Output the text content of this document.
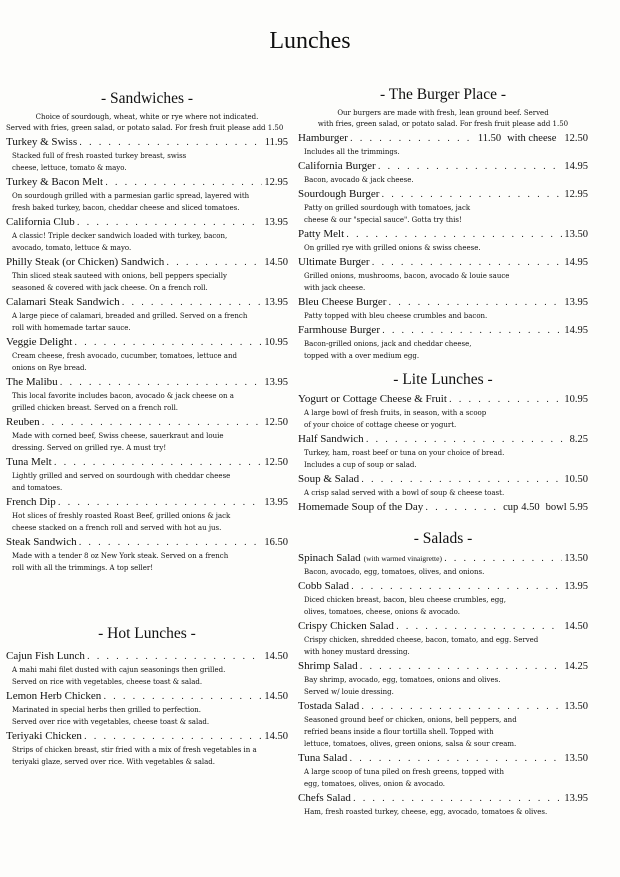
Lunches
- Sandwiches -
Choice of sourdough, wheat, white or rye where not indicated.
Served with fries, green salad, or potato salad. For fresh fruit please add 1.50
Turkey & Swiss . . .	11.95
Stacked full of fresh roasted turkey breast, swiss
cheese, lettuce, tomato & mayo.
Turkey & Bacon Melt . . .	12.95
On sourdough grilled with a parmesian garlic spread, layered with
fresh baked turkey, bacon, cheddar cheese and sliced tomatoes.
California Club . . .	13.95
A classic! Triple decker sandwich loaded with turkey, bacon,
avocado, tomato, lettuce & mayo.
Philly Steak (or Chicken) Sandwich . . .	14.50
Thin sliced steak sauteed with onions, bell peppers specially
seasoned & covered with jack cheese. On a french roll.
Calamari Steak Sandwich . . .	13.95
A large piece of calamari, breaded and grilled. Served on a french
roll with homemade tartar sauce.
Veggie Delight . . .	10.95
Cream cheese, fresh avocado, cucumber, tomatoes, lettuce and
onions on Rye bread.
The Malibu . . .	13.95
This local favorite includes bacon, avocado & jack cheese on a
grilled chicken breast. Served on a french roll.
Reuben . . .	12.50
Made with corned beef, Swiss cheese, sauerkraut and louie
dressing. Served on grilled rye. A must try!
Tuna Melt . . .	12.50
Lightly grilled and served on sourdough with cheddar cheese
and tomatoes.
French Dip . . .	13.95
Hot slices of freshly roasted Roast Beef, grilled onions & jack
cheese stacked on a french roll and served with hot au jus.
Steak Sandwich . . .	16.50
Made with a tender 8 oz New York steak. Served on a french
roll with all the trimmings. A top seller!
- Hot Lunches -
Cajun Fish Lunch . . .	14.50
A mahi mahi filet dusted with cajun seasonings then grilled.
Served on rice with vegetables, cheese toast & salad.
Lemon Herb Chicken . . .	14.50
Marinated in special herbs then grilled to perfection.
Served over rice with vegetables, cheese toast & salad.
Teriyaki Chicken . . .	14.50
Strips of chicken breast, stir fried with a mix of fresh vegetables in a
teriyaki glaze, served over rice. With vegetables & salad.
- The Burger Place -
Our burgers are made with fresh, lean ground beef. Served
with fries, green salad, or potato salad. For fresh fruit please add 1.50
Hamburger . . .	11.50 with cheese 12.50
Includes all the trimmings.
California Burger . . .	14.95
Bacon, avocado & jack cheese.
Sourdough Burger . . .	12.95
Patty on grilled sourdough with tomatoes, jack
cheese & our "special sauce". Gotta try this!
Patty Melt . . .	13.50
On grilled rye with grilled onions & swiss cheese.
Ultimate Burger . . .	14.95
Grilled onions, mushrooms, bacon, avocado & louie sauce
with jack cheese.
Bleu Cheese Burger . . .	13.95
Patty topped with bleu cheese crumbles and bacon.
Farmhouse Burger . . .	14.95
Bacon-grilled onions, jack and cheddar cheese,
topped with a over medium egg.
- Lite Lunches -
Yogurt or Cottage Cheese & Fruit . . .	10.95
A large bowl of fresh fruits, in season, with a scoop
of your choice of cottage cheese or yogurt.
Half Sandwich . . .	8.25
Turkey, ham, roast beef or tuna on your choice of bread.
Includes a cup of soup or salad.
Soup & Salad . . .	10.50
A crisp salad served with a bowl of soup & cheese toast.
Homemade Soup of the Day . . .	cup 4.50 bowl 5.95
- Salads -
Spinach Salad (with warmed vinaigrette) . . .	13.50
Bacon, avocado, egg, tomatoes, olives, and onions.
Cobb Salad . . .	13.95
Diced chicken breast, bacon, bleu cheese crumbles, egg,
olives, tomatoes, cheese, onions & avocado.
Crispy Chicken Salad . . .	14.50
Crispy chicken, shredded cheese, bacon, tomato, and egg. Served
with honey mustard dressing.
Shrimp Salad . . .	14.25
Bay shrimp, avocado, egg, tomatoes, onions and olives.
Served w/ louie dressing.
Tostada Salad . . .	13.50
Seasoned ground beef or chicken, onions, bell peppers, and
refried beans inside a flour tortilla shell. Topped with
lettuce, tomatoes, olives, green onions, salsa & sour cream.
Tuna Salad . . .	13.50
A large scoop of tuna piled on fresh greens, topped with
egg, tomatoes, olives, onion & avocado.
Chefs Salad . . .	13.95
Ham, fresh roasted turkey, cheese, egg, avocado, tomatoes & olives.
